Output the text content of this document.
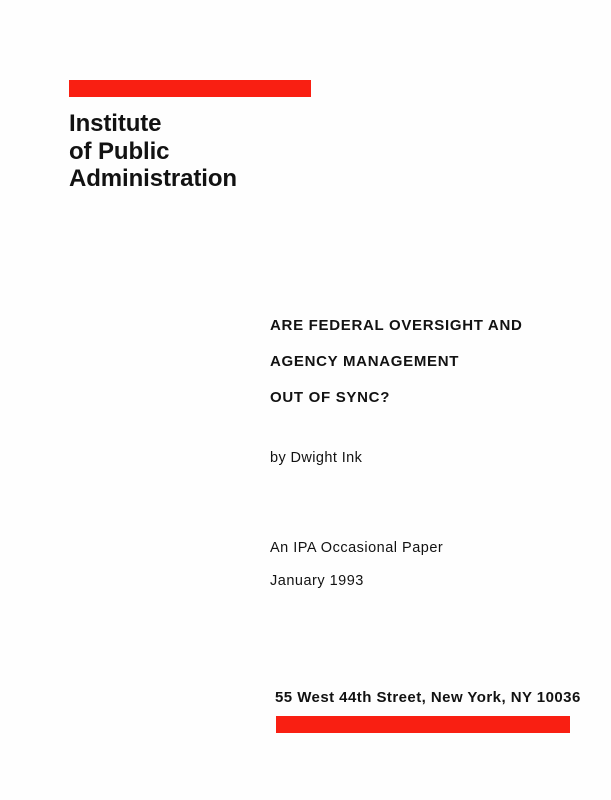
Institute
of Public
Administration
ARE FEDERAL OVERSIGHT AND
AGENCY MANAGEMENT
OUT OF SYNC?
by Dwight Ink
An IPA Occasional Paper
January 1993
55 West 44th Street, New York, NY 10036
